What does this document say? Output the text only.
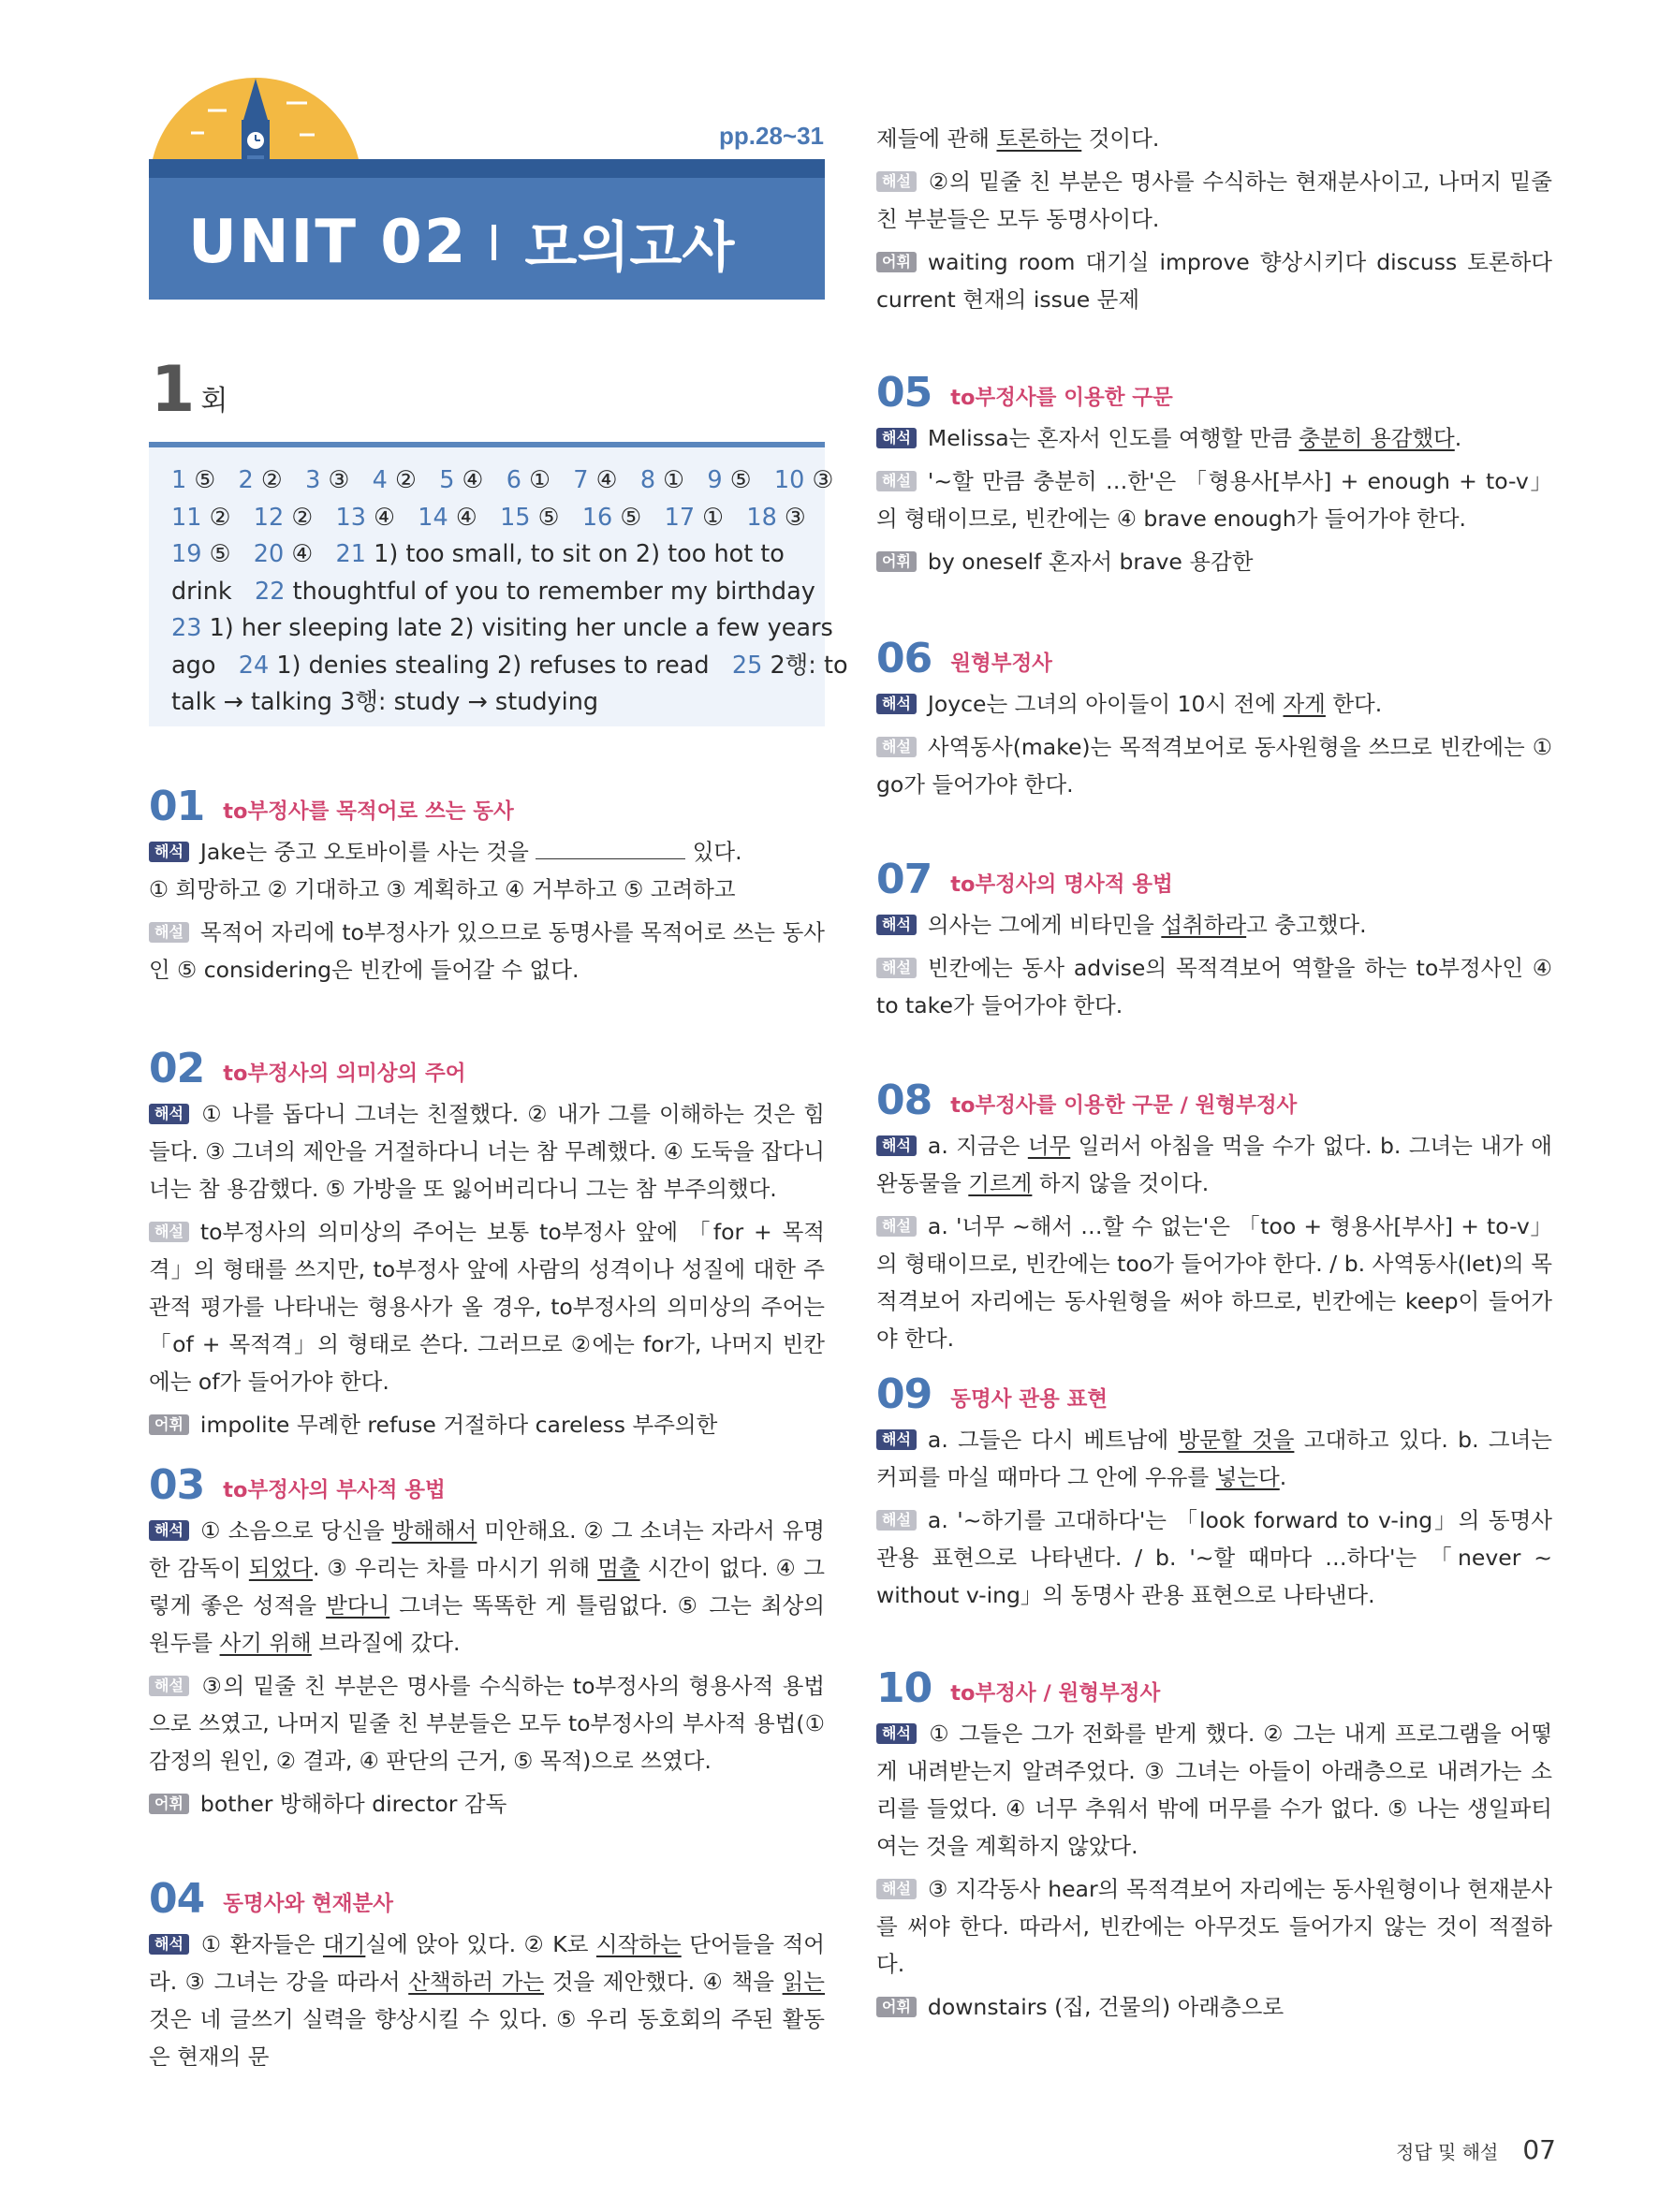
pp.28~31
UNIT 02 모의고사
1 회
1 ⑤ 2 ② 3 ③ 4 ② 5 ④ 6 ① 7 ④ 8 ① 9 ⑤ 10 ③
11 ② 12 ② 13 ④ 14 ④ 15 ⑤ 16 ⑤ 17 ① 18 ③
19 ⑤ 20 ④ 21 1) too small, to sit on 2) too hot to
drink 22 thoughtful of you to remember my birthday
23 1) her sleeping late 2) visiting her uncle a few years
ago 24 1) denies stealing 2) refuses to read 25 2행: to
talk → talking 3행: study → studying
01 to부정사를 목적어로 쓰는 동사

해석 Jake는 중고 오토바이를 사는 것을	있다.
① 희망하고 ② 기대하고 ③ 계획하고 ④ 거부하고 ⑤ 고려하고

해설 목적어 자리에 to부정사가 있으므로 동명사를 목적어로 쓰는 동사인 ⑤ considering은 빈칸에 들어갈 수 없다.

02 to부정사의 의미상의 주어

해석 ① 나를 돕다니 그녀는 친절했다. ② 내가 그를 이해하는 것은 힘들다. ③ 그녀의 제안을 거절하다니 너는 참 무례했다. ④ 도둑을 잡다니 너는 참 용감했다. ⑤ 가방을 또 잃어버리다니 그는 참 부주의했다.

해설 to부정사의 의미상의 주어는 보통 to부정사 앞에 「for + 목적격」의 형태를 쓰지만, to부정사 앞에 사람의 성격이나 성질에 대한 주관적 평가를 나타내는 형용사가 올 경우, to부정사의 의미상의 주어는 「of + 목적격」의 형태로 쓴다. 그러므로 ②에는 for가, 나머지 빈칸에는 of가 들어가야 한다.

어휘 impolite 무례한 refuse 거절하다 careless 부주의한

03 to부정사의 부사적 용법

해석 ① 소음으로 당신을 방해해서 미안해요. ② 그 소녀는 자라서 유명한 감독이 되었다. ③ 우리는 차를 마시기 위해 멈출 시간이 없다. ④ 그렇게 좋은 성적을 받다니 그녀는 똑똑한 게 틀림없다. ⑤ 그는 최상의 원두를 사기 위해 브라질에 갔다.

해설 ③의 밑줄 친 부분은 명사를 수식하는 to부정사의 형용사적 용법으로 쓰였고, 나머지 밑줄 친 부분들은 모두 to부정사의 부사적 용법(① 감정의 원인, ② 결과, ④ 판단의 근거, ⑤ 목적)으로 쓰였다.

어휘 bother 방해하다 director 감독

04 동명사와 현재분사

해석 ① 환자들은 대기실에 앉아 있다. ② K로 시작하는 단어들을 적어라. ③ 그녀는 강을 따라서 산책하러 가는 것을 제안했다. ④ 책을 읽는 것은 네 글쓰기 실력을 향상시킬 수 있다. ⑤ 우리 동호회의 주된 활동은 현재의 문

제들에 관해 토론하는 것이다.

해설 ②의 밑줄 친 부분은 명사를 수식하는 현재분사이고, 나머지 밑줄 친 부분들은 모두 동명사이다.

어휘 waiting room 대기실 improve 향상시키다 discuss 토론하다 current 현재의 issue 문제

05 to부정사를 이용한 구문

해석 Melissa는 혼자서 인도를 여행할 만큼 충분히 용감했다.

해설 '~할 만큼 충분히 …한'은 「형용사[부사] + enough + to-v」의 형태이므로, 빈칸에는 ④ brave enough가 들어가야 한다.

어휘 by oneself 혼자서 brave 용감한

06 원형부정사

해석 Joyce는 그녀의 아이들이 10시 전에 자게 한다.

해설 사역동사(make)는 목적격보어로 동사원형을 쓰므로 빈칸에는 ① go가 들어가야 한다.

07 to부정사의 명사적 용법

해석 의사는 그에게 비타민을 섭취하라고 충고했다.

해설 빈칸에는 동사 advise의 목적격보어 역할을 하는 to부정사인 ④ to take가 들어가야 한다.

08 to부정사를 이용한 구문 / 원형부정사

해석 a. 지금은 너무 일러서 아침을 먹을 수가 없다. b. 그녀는 내가 애완동물을 기르게 하지 않을 것이다.

해설 a. '너무 ~해서 …할 수 없는'은 「too + 형용사[부사] + to-v」의 형태이므로, 빈칸에는 too가 들어가야 한다. / b. 사역동사(let)의 목적격보어 자리에는 동사원형을 써야 하므로, 빈칸에는 keep이 들어가야 한다.

09 동명사 관용 표현

해석 a. 그들은 다시 베트남에 방문할 것을 고대하고 있다. b. 그녀는 커피를 마실 때마다 그 안에 우유를 넣는다.

해설 a. '~하기를 고대하다'는 「look forward to v-ing」의 동명사 관용 표현으로 나타낸다. / b. '~할 때마다 …하다'는 「never ~ without v-ing」의 동명사 관용 표현으로 나타낸다.

10 to부정사 / 원형부정사

해석 ① 그들은 그가 전화를 받게 했다. ② 그는 내게 프로그램을 어떻게 내려받는지 알려주었다. ③ 그녀는 아들이 아래층으로 내려가는 소리를 들었다. ④ 너무 추워서 밖에 머무를 수가 없다. ⑤ 나는 생일파티 여는 것을 계획하지 않았다.

해설 ③ 지각동사 hear의 목적격보어 자리에는 동사원형이나 현재분사를 써야 한다. 따라서, 빈칸에는 아무것도 들어가지 않는 것이 적절하다.

어휘 downstairs (집, 건물의) 아래층으로

정답 및 해설 07
